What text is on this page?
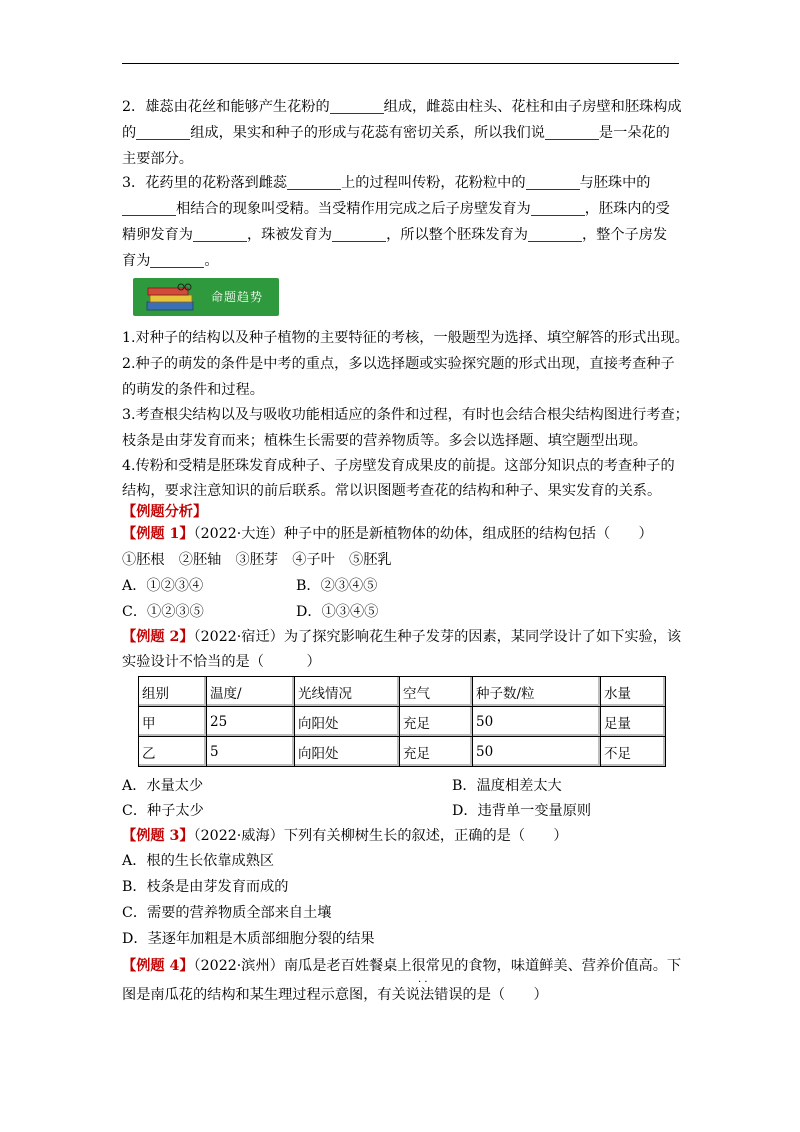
2．雄蕊由花丝和能够产生花粉的	组成，雌蕊由柱头、花柱和由子房壁和胚珠构成
的	组成，果实和种子的形成与花蕊有密切关系，所以我们说	是一朵花的
主要部分。
3．花药里的花粉落到雌蕊	上的过程叫传粉，花粉粒中的	与胚珠中的
相结合的现象叫受精。当受精作用完成之后子房壁发育为	，胚珠内的受
精卵发育为	，珠被发育为	，所以整个胚珠发育为	，整个子房发
育为	。
命题趋势
1.对种子的结构以及种子植物的主要特征的考核，一般题型为选择、填空解答的形式出现。
2.种子的萌发的条件是中考的重点，多以选择题或实验探究题的形式出现，直接考查种子
的萌发的条件和过程。
3.考查根尖结构以及与吸收功能相适应的条件和过程，有时也会结合根尖结构图进行考查；
枝条是由芽发育而来；植株生长需要的营养物质等。多会以选择题、填空题型出现。
4.传粉和受精是胚珠发育成种子、子房壁发育成果皮的前提。这部分知识点的考查种子的
结构，要求注意知识的前后联系。常以识图题考查花的结构和种子、果实发育的关系。
【例题分析】
【例题 1】（2022·大连）种子中的胚是新植物体的幼体，组成胚的结构包括（　　）
①胚根　②胚轴　③胚芽　④子叶　⑤胚乳
A．①②③④	B．②③④⑤
C．①②③⑤	D．①③④⑤
【例题 2】（2022·宿迁）为了探究影响花生种子发芽的因素，某同学设计了如下实验，该
实验设计不恰当的是（　　　）
组别	温度/	光线情况	空气	种子数/粒	水量
甲	25	向阳处	充足	50	足量
乙	5	向阳处	充足	50	不足
A．水量太少	B．温度相差太大
C．种子太少	D．违背单一变量原则
【例题 3】（2022·威海）下列有关柳树生长的叙述，正确的是（　　）
A．根的生长依靠成熟区
B．枝条是由芽发育而成的
C．需要的营养物质全部来自土壤
D．茎逐年加粗是木质部细胞分裂的结果
【例题 4】（2022·滨州）南瓜是老百姓餐桌上很常见的食物，味道鲜美、营养价值高。下
· ·
图是南瓜花的结构和某生理过程示意图，有关说法错误的是（　　）
